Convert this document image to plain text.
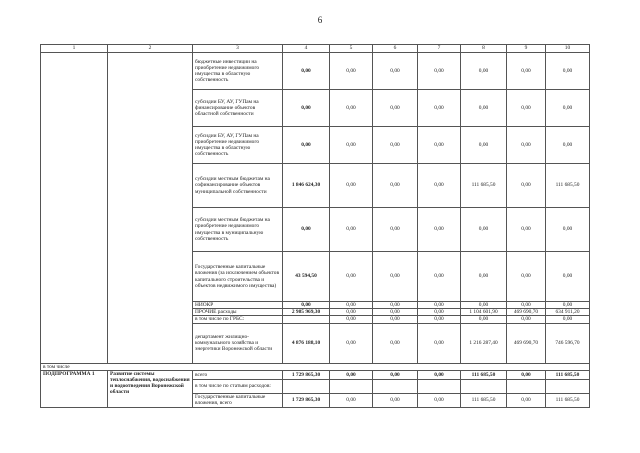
6
1	2	3	4	5	6	7	8	9	10
		бюджетные инвестиции на приобретение недвижимого имущества в областную собственность	0,00	0,00	0,00	0,00	0,00	0,00	0,00
		субсидии БУ, АУ, ГУПам на финансирование объектов областной собственности	0,00	0,00	0,00	0,00	0,00	0,00	0,00
		субсидии БУ, АУ, ГУПам на приобретение недвижимого имущества в областную собственность	0,00	0,00	0,00	0,00	0,00	0,00	0,00
		субсидии местным бюджетам на софинансирование объектов муниципальной собственности	1 846 624,30	0,00	0,00	0,00	111 685,50	0,00	111 685,50
		субсидии местным бюджетам на приобретение недвижимого имущества в муниципальную собственность	0,00	0,00	0,00	0,00	0,00	0,00	0,00
		Государственные капитальные вложения (за исключением объектов капитального строительства и объектов недвижимого имущества)	43 594,50	0,00	0,00	0,00	0,00	0,00	0,00
		НИОКР	0,00	0,00	0,00	0,00	0,00	0,00	0,00
		ПРОЧИЕ расходы	2 985 969,30	0,00	0,00	0,00	1 104 601,90	469 690,70	634 911,20
		в том числе по ГРБС:		0,00	0,00	0,00	0,00	0,00	0,00
		департамент жилищно-коммунального хозяйства и энергетики Воронежской области	4 876 188,10	0,00	0,00	0,00	1 216 287,40	469 690,70	746 596,70
в том числе									
ПОДПРОГРАММА 1	Развитие системы теплоснабжения, водоснабжения и водоотведения Воронежской области	всего	1 729 865,30	0,00	0,00	0,00	111 685,50	0,00	111 685,50
		в том числе по статьям расходов:							
		Государственные капитальные вложения, всего	1 729 865,30	0,00	0,00	0,00	111 685,50	0,00	111 685,50
